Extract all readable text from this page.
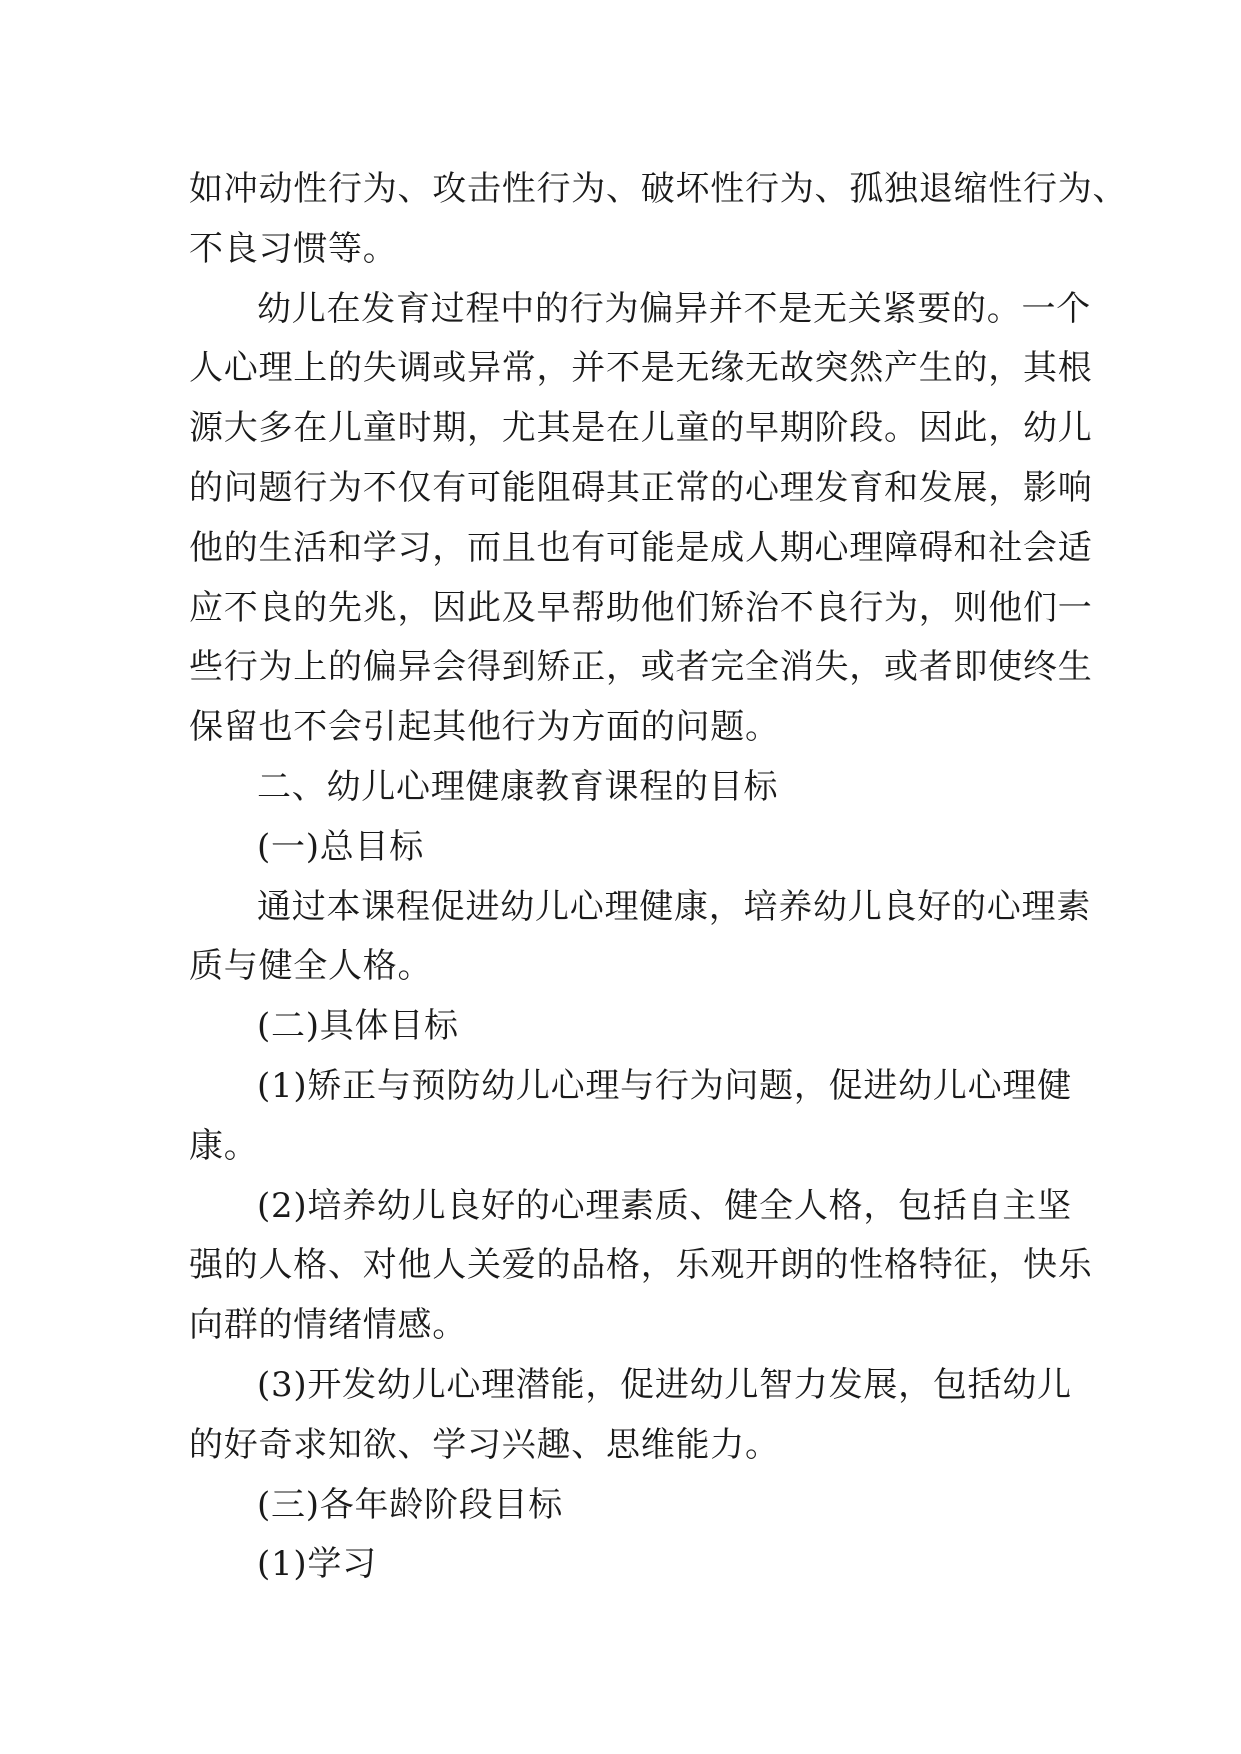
如冲动性行为、攻击性行为、破坏性行为、孤独退缩性行为、
不良习惯等。
幼儿在发育过程中的行为偏异并不是无关紧要的。一个
人心理上的失调或异常，并不是无缘无故突然产生的，其根
源大多在儿童时期，尤其是在儿童的早期阶段。因此，幼儿
的问题行为不仅有可能阻碍其正常的心理发育和发展，影响
他的生活和学习，而且也有可能是成人期心理障碍和社会适
应不良的先兆，因此及早帮助他们矫治不良行为，则他们一
些行为上的偏异会得到矫正，或者完全消失，或者即使终生
保留也不会引起其他行为方面的问题。
二、幼儿心理健康教育课程的目标
(一)总目标
通过本课程促进幼儿心理健康，培养幼儿良好的心理素
质与健全人格。
(二)具体目标
(1)矫正与预防幼儿心理与行为问题，促进幼儿心理健
康。
(2)培养幼儿良好的心理素质、健全人格，包括自主坚
强的人格、对他人关爱的品格，乐观开朗的性格特征，快乐
向群的情绪情感。
(3)开发幼儿心理潜能，促进幼儿智力发展，包括幼儿
的好奇求知欲、学习兴趣、思维能力。
(三)各年龄阶段目标
(1)学习
